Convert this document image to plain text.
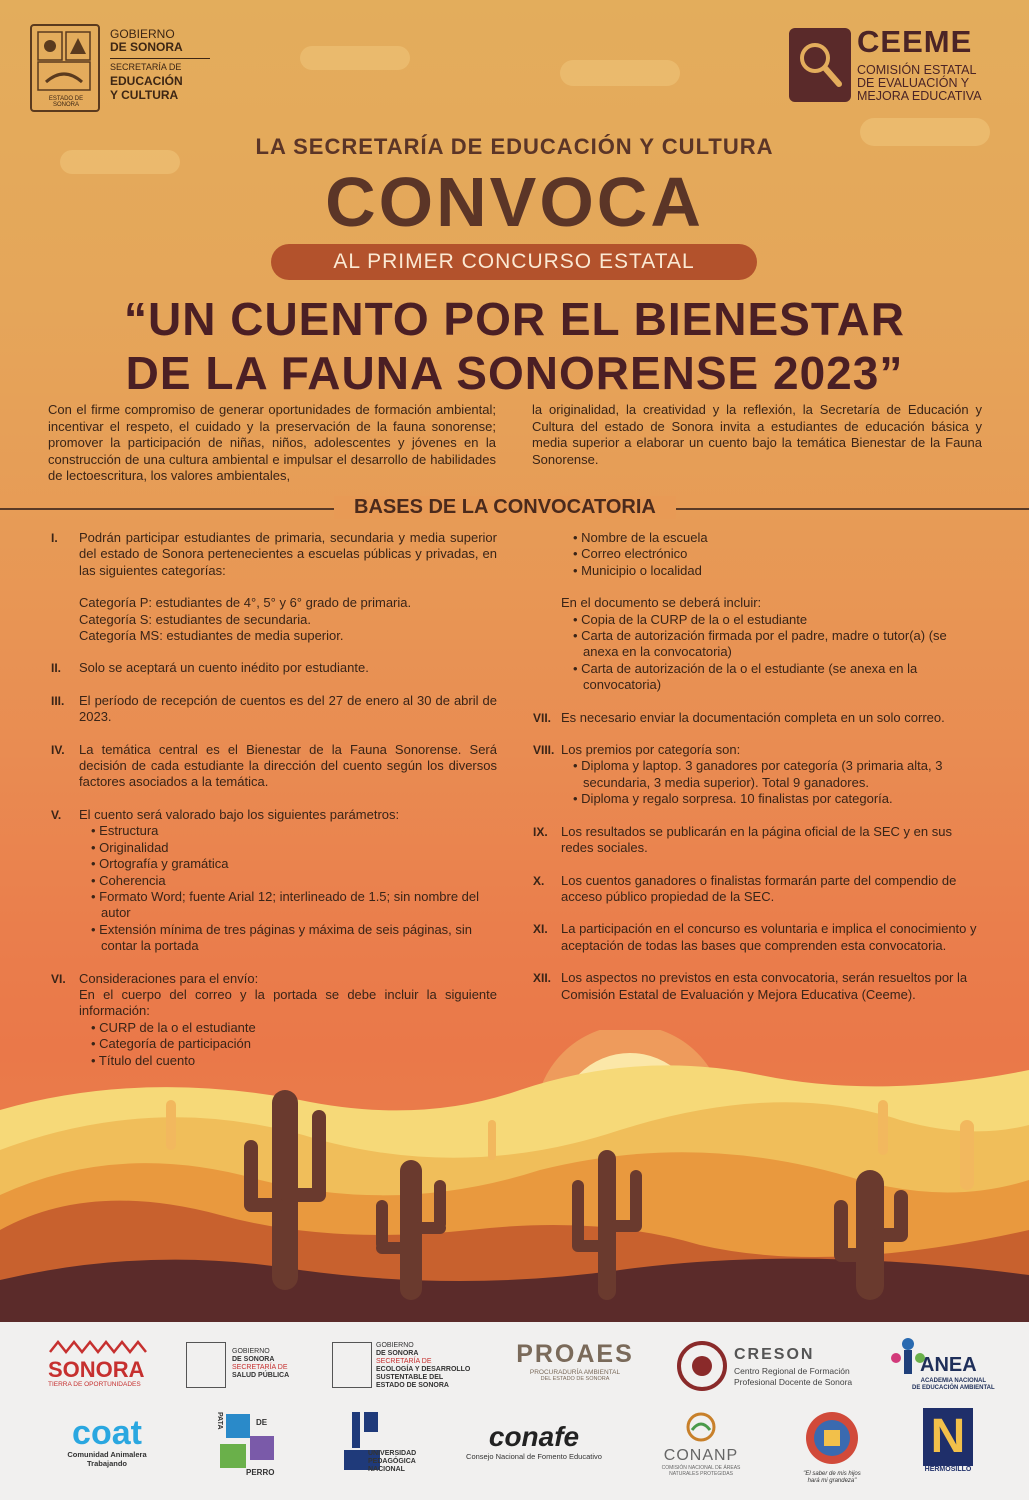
ESTADO DE SONORA
GOBIERNO
DE SONORA
SECRETARÍA DE
EDUCACIÓN
Y CULTURA
CEEME
COMISIÓN ESTATAL
DE EVALUACIÓN Y
MEJORA EDUCATIVA
LA SECRETARÍA DE EDUCACIÓN Y CULTURA
CONVOCA
AL PRIMER CONCURSO ESTATAL
“UN CUENTO POR EL BIENESTAR
DE LA FAUNA SONORENSE 2023”
Con el firme compromiso de generar oportunidades de formación ambiental; incentivar el respeto, el cuidado y la preservación de la fauna sonorense; promover la participación de niñas, niños, adolescentes y jóvenes en la construcción de una cultura ambiental e impulsar el desarrollo de habilidades de lectoescritura, los valores ambientales,
la originalidad, la creatividad y la reflexión, la Secretaría de Educación y Cultura del estado de Sonora invita a estudiantes de educación básica y media superior a elaborar un cuento bajo la temática Bienestar de la Fauna Sonorense.
BASES DE LA CONVOCATORIA
I. Podrán participar estudiantes de primaria, secundaria y media superior del estado de Sonora pertenecientes a escuelas públicas y privadas, en las siguientes categorías:
Categoría P: estudiantes de 4°, 5° y 6° grado de primaria.
Categoría S: estudiantes de secundaria.
Categoría MS: estudiantes de media superior.
II. Solo se aceptará un cuento inédito por estudiante.
III. El período de recepción de cuentos es del 27 de enero al 30 de abril de 2023.
IV. La temática central es el Bienestar de la Fauna Sonorense. Será decisión de cada estudiante la dirección del cuento según los diversos factores asociados a la temática.
V. El cuento será valorado bajo los siguientes parámetros:
• Estructura
• Originalidad
• Ortografía y gramática
• Coherencia
• Formato Word; fuente Arial 12; interlineado de 1.5; sin nombre del autor
• Extensión mínima de tres páginas y máxima de seis páginas, sin contar la portada
VI. Consideraciones para el envío:
En el cuerpo del correo y la portada se debe incluir la siguiente información:
• CURP de la o el estudiante
• Categoría de participación
• Título del cuento
• Nombre de la escuela
• Correo electrónico
• Municipio o localidad
En el documento se deberá incluir:
• Copia de la CURP de la o el estudiante
• Carta de autorización firmada por el padre, madre o tutor(a) (se anexa en la convocatoria)
• Carta de autorización de la o el estudiante (se anexa en la convocatoria)
VII. Es necesario enviar la documentación completa en un solo correo.
VIII. Los premios por categoría son:
• Diploma y laptop. 3 ganadores por categoría (3 primaria alta, 3 secundaria, 3 media superior). Total 9 ganadores.
• Diploma y regalo sorpresa. 10 finalistas por categoría.
IX. Los resultados se publicarán en la página oficial de la SEC y en sus redes sociales.
X. Los cuentos ganadores o finalistas formarán parte del compendio de acceso público propiedad de la SEC.
XI. La participación en el concurso es voluntaria e implica el conocimiento y aceptación de todas las bases que comprenden esta convocatoria.
XII. Los aspectos no previstos en esta convocatoria, serán resueltos por la Comisión Estatal de Evaluación y Mejora Educativa (Ceeme).
SONORA
TIERRA DE OPORTUNIDADES
GOBIERNO
DE SONORA
SECRETARÍA DE
SALUD PÚBLICA
GOBIERNO
DE SONORA
SECRETARÍA DE
ECOLOGÍA Y DESARROLLO
SUSTENTABLE DEL
ESTADO DE SONORA
PROAES
PROCURADURÍA AMBIENTAL
DEL ESTADO DE SONORA
CRESON
Centro Regional de Formación
Profesional Docente de Sonora
ANEA
ACADEMIA NACIONAL
DE EDUCACIÓN AMBIENTAL
coat
Comunidad Animalera
Trabajando
PATA	DE
PERRO
UNIVERSIDAD
PEDAGÓGICA
NACIONAL
conafe
Consejo Nacional de Fomento Educativo	CONANP
COMISIÓN NACIONAL DE ÁREAS
NATURALES PROTEGIDAS	"El saber de mis hijos
hará mi grandeza"
N
HERMOSILLO
